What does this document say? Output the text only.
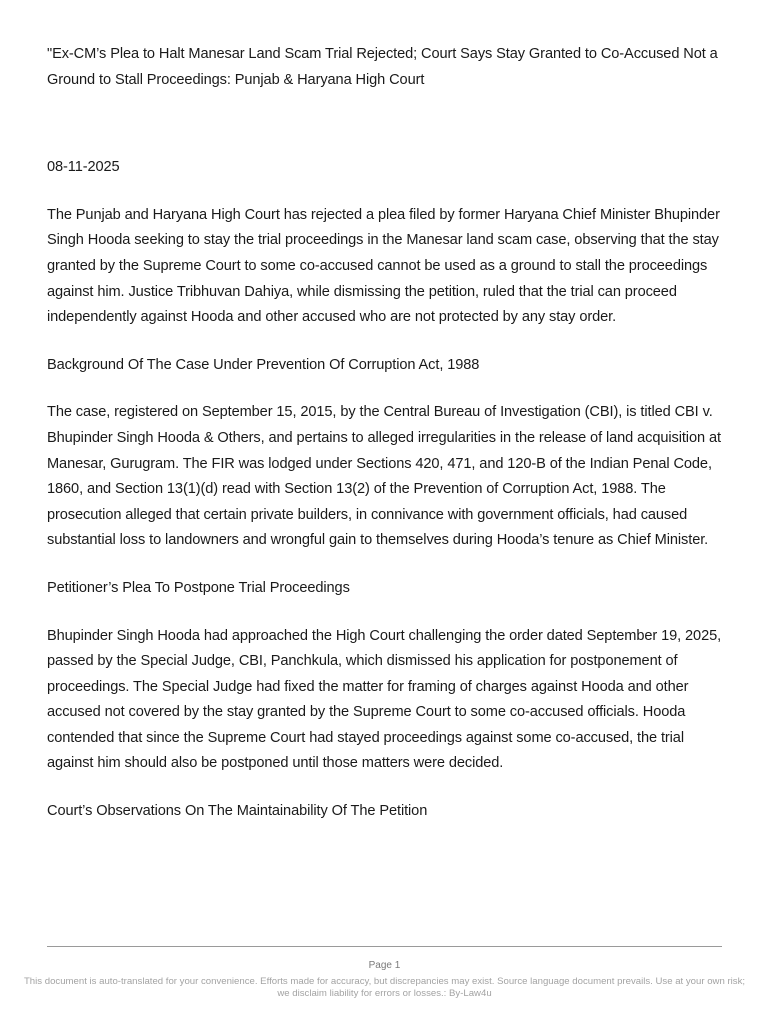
"Ex-CM’s Plea to Halt Manesar Land Scam Trial Rejected; Court Says Stay Granted to Co-Accused Not a Ground to Stall Proceedings: Punjab & Haryana High Court

08-11-2025

The Punjab and Haryana High Court has rejected a plea filed by former Haryana Chief Minister Bhupinder Singh Hooda seeking to stay the trial proceedings in the Manesar land scam case, observing that the stay granted by the Supreme Court to some co-accused cannot be used as a ground to stall the proceedings against him. Justice Tribhuvan Dahiya, while dismissing the petition, ruled that the trial can proceed independently against Hooda and other accused who are not protected by any stay order.

Background Of The Case Under Prevention Of Corruption Act, 1988

The case, registered on September 15, 2015, by the Central Bureau of Investigation (CBI), is titled CBI v. Bhupinder Singh Hooda & Others, and pertains to alleged irregularities in the release of land acquisition at Manesar, Gurugram. The FIR was lodged under Sections 420, 471, and 120-B of the Indian Penal Code, 1860, and Section 13(1)(d) read with Section 13(2) of the Prevention of Corruption Act, 1988. The prosecution alleged that certain private builders, in connivance with government officials, had caused substantial loss to landowners and wrongful gain to themselves during Hooda’s tenure as Chief Minister.

Petitioner’s Plea To Postpone Trial Proceedings

Bhupinder Singh Hooda had approached the High Court challenging the order dated September 19, 2025, passed by the Special Judge, CBI, Panchkula, which dismissed his application for postponement of proceedings. The Special Judge had fixed the matter for framing of charges against Hooda and other accused not covered by the stay granted by the Supreme Court to some co-accused officials. Hooda contended that since the Supreme Court had stayed proceedings against some co-accused, the trial against him should also be postponed until those matters were decided.

Court’s Observations On The Maintainability Of The Petition

Page 1
This document is auto-translated for your convenience. Efforts made for accuracy, but discrepancies may exist. Source language document prevails. Use at your own risk; we disclaim liability for errors or losses.: By-Law4u
